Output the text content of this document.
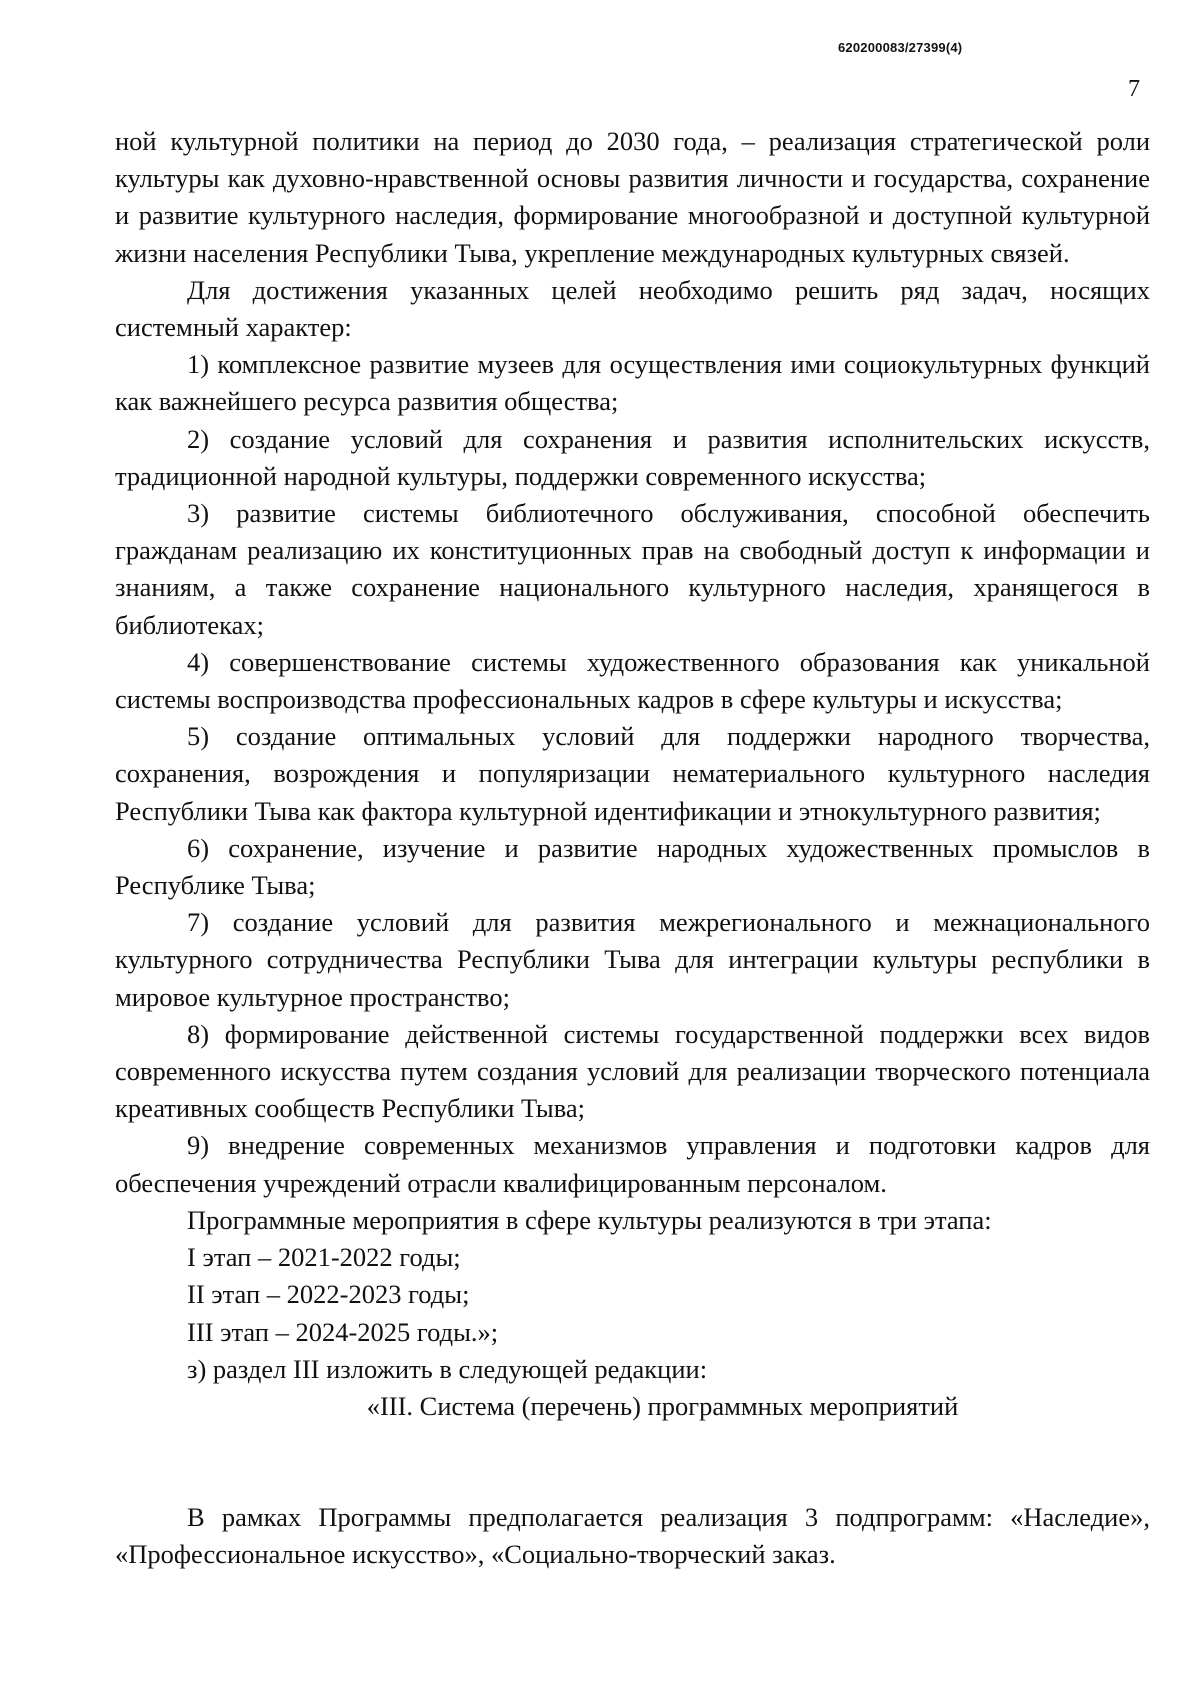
620200083/27399(4)
7

ной культурной политики на период до 2030 года, – реализация стратегической роли культуры как духовно-нравственной основы развития личности и государства, сохранение и развитие культурного наследия, формирование многообразной и доступной культурной жизни населения Республики Тыва, укрепление международных культурных связей.

Для достижения указанных целей необходимо решить ряд задач, носящих системный характер:

1) комплексное развитие музеев для осуществления ими социокультурных функций как важнейшего ресурса развития общества;

2) создание условий для сохранения и развития исполнительских искусств, традиционной народной культуры, поддержки современного искусства;

3) развитие системы библиотечного обслуживания, способной обеспечить гражданам реализацию их конституционных прав на свободный доступ к информации и знаниям, а также сохранение национального культурного наследия, хранящегося в библиотеках;

4) совершенствование системы художественного образования как уникальной системы воспроизводства профессиональных кадров в сфере культуры и искусства;

5) создание оптимальных условий для поддержки народного творчества, сохранения, возрождения и популяризации нематериального культурного наследия Республики Тыва как фактора культурной идентификации и этнокультурного развития;

6) сохранение, изучение и развитие народных художественных промыслов в Республике Тыва;

7) создание условий для развития межрегионального и межнационального культурного сотрудничества Республики Тыва для интеграции культуры республики в мировое культурное пространство;

8) формирование действенной системы государственной поддержки всех видов современного искусства путем создания условий для реализации творческого потенциала креативных сообществ Республики Тыва;

9) внедрение современных механизмов управления и подготовки кадров для обеспечения учреждений отрасли квалифицированным персоналом.

Программные мероприятия в сфере культуры реализуются в три этапа:

I этап – 2021-2022 годы;

II этап – 2022-2023 годы;

III этап – 2024-2025 годы.»;

з) раздел III изложить в следующей редакции:

«III. Система (перечень) программных мероприятий

В рамках Программы предполагается реализация 3 подпрограмм: «Наследие», «Профессиональное искусство», «Социально-творческий заказ.
